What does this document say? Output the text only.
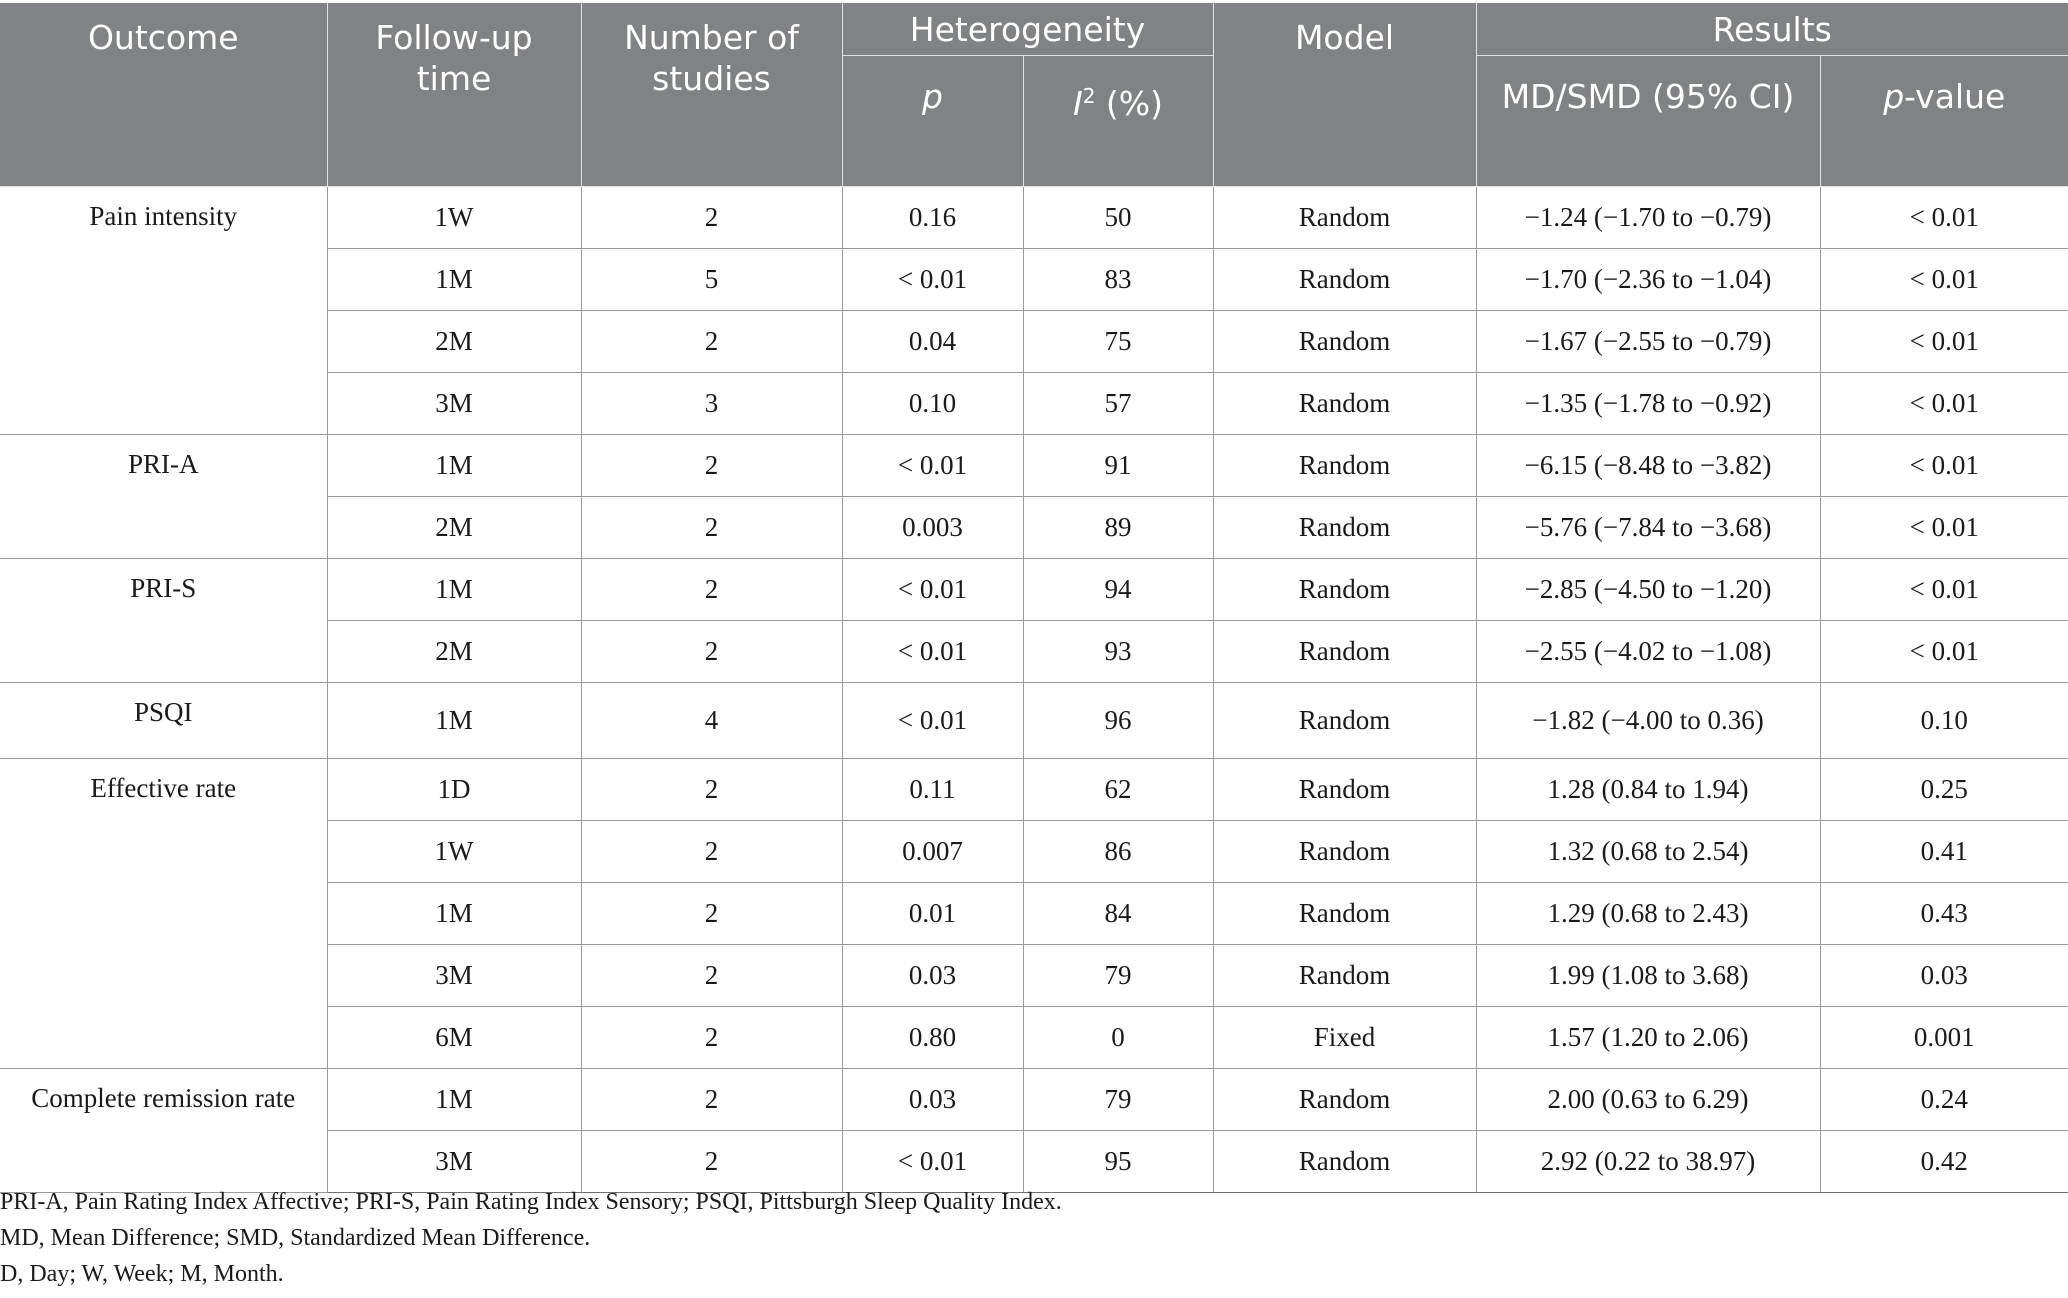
Outcome	Follow-up time	Number of studies	Heterogeneity		Model	Results	
			p	$I^2$ (%)		MD/SMD (95% CI)	p-value
Pain intensity	1W	2	0.16	50	Random	−1.24 (−1.70 to −0.79)	< 0.01
	1M	5	< 0.01	83	Random	−1.70 (−2.36 to −1.04)	< 0.01
	2M	2	0.04	75	Random	−1.67 (−2.55 to −0.79)	< 0.01
	3M	3	0.10	57	Random	−1.35 (−1.78 to −0.92)	< 0.01
PRI-A	1M	2	< 0.01	91	Random	−6.15 (−8.48 to −3.82)	< 0.01
	2M	2	0.003	89	Random	−5.76 (−7.84 to −3.68)	< 0.01
PRI-S	1M	2	< 0.01	94	Random	−2.85 (−4.50 to −1.20)	< 0.01
	2M	2	< 0.01	93	Random	−2.55 (−4.02 to −1.08)	< 0.01
PSQI	1M	4	< 0.01	96	Random	−1.82 (−4.00 to 0.36)	0.10
Effective rate	1D	2	0.11	62	Random	1.28 (0.84 to 1.94)	0.25
	1W	2	0.007	86	Random	1.32 (0.68 to 2.54)	0.41
	1M	2	0.01	84	Random	1.29 (0.68 to 2.43)	0.43
	3M	2	0.03	79	Random	1.99 (1.08 to 3.68)	0.03
	6M	2	0.80	0	Fixed	1.57 (1.20 to 2.06)	0.001
Complete remission rate	1M	2	0.03	79	Random	2.00 (0.63 to 6.29)	0.24
	3M	2	< 0.01	95	Random	2.92 (0.22 to 38.97)	0.42

PRI-A, Pain Rating Index Affective; PRI-S, Pain Rating Index Sensory; PSQI, Pittsburgh Sleep Quality Index.

MD, Mean Difference; SMD, Standardized Mean Difference.

D, Day; W, Week; M, Month.
